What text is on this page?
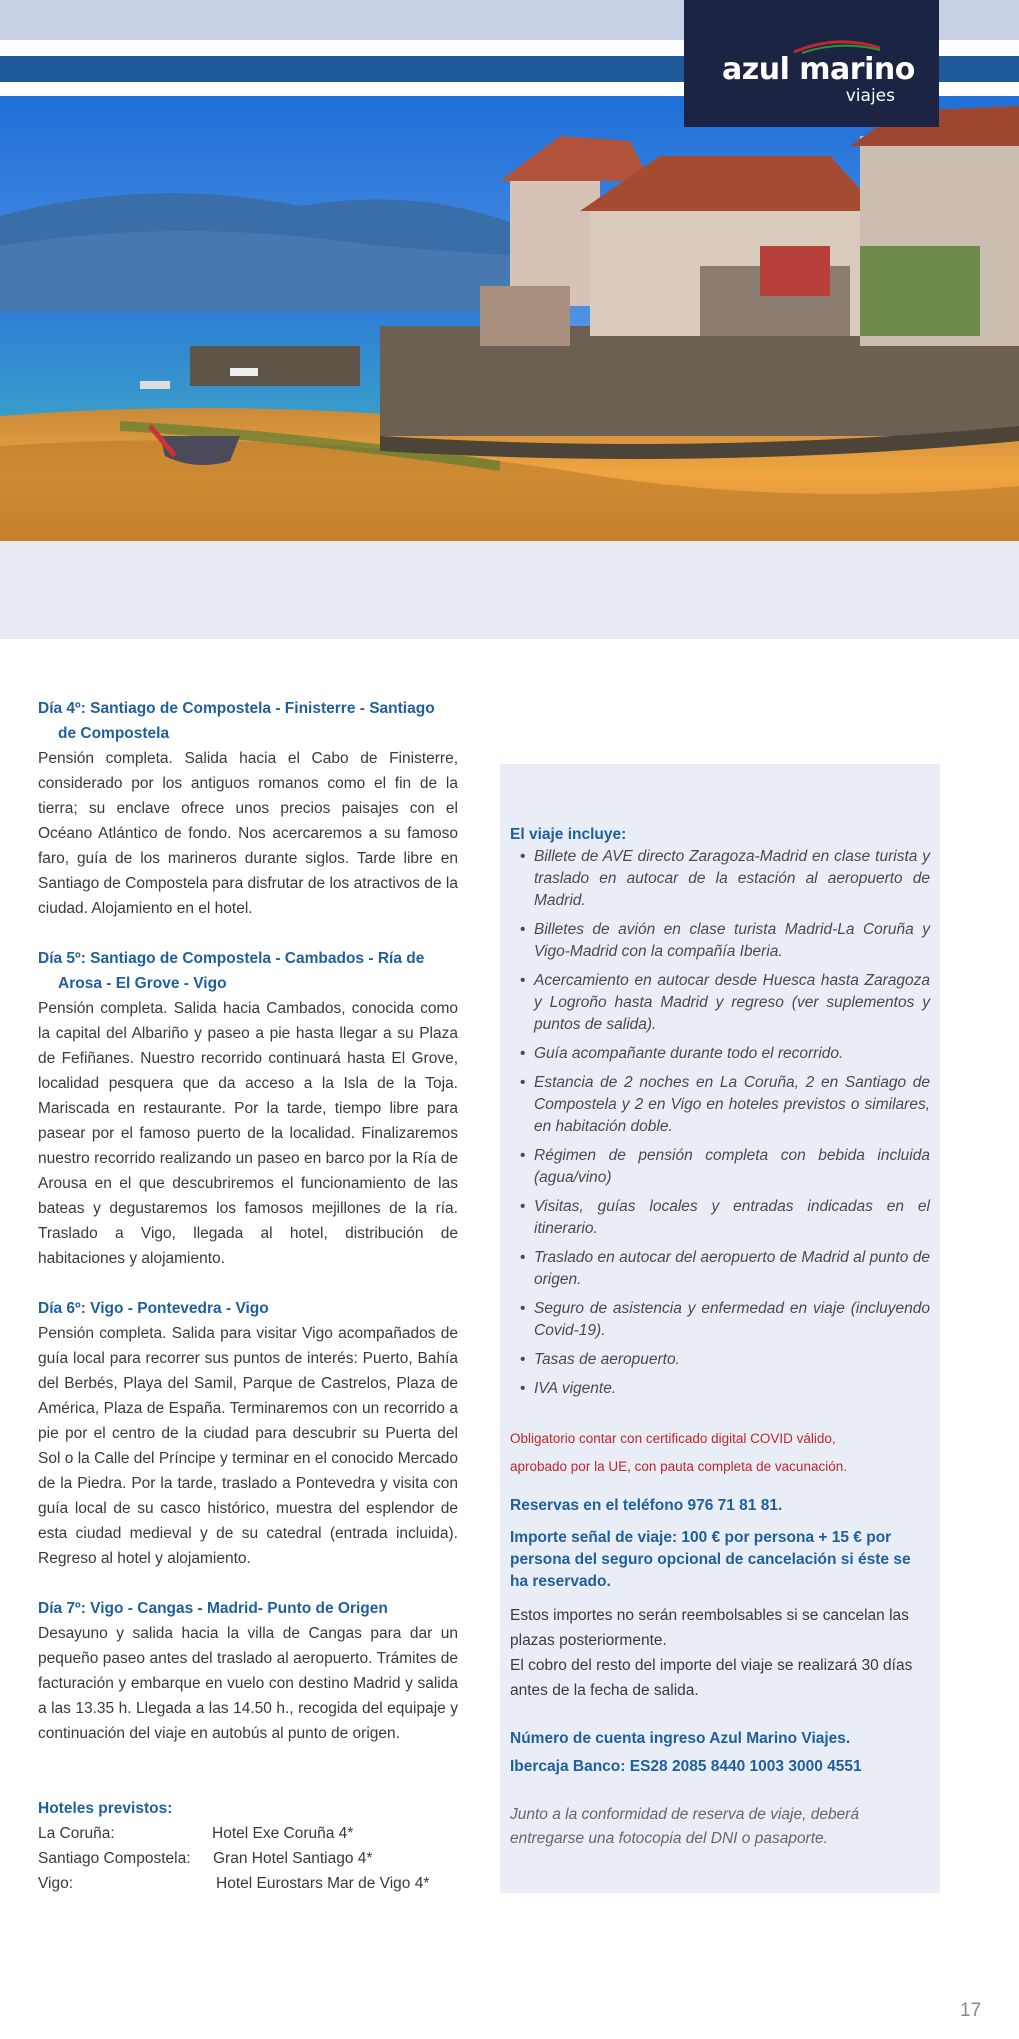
azul marino
viajes

Día 4º: Santiago de Compostela - Finisterre - Santiago
de Compostela

Pensión completa. Salida hacia el Cabo de Finisterre, considerado por los antiguos romanos como el fin de la tierra; su enclave ofrece unos precios paisajes con el Océano Atlántico de fondo. Nos acercaremos a su famoso faro, guía de los marineros durante siglos. Tarde libre en Santiago de Compostela para disfrutar de los atractivos de la ciudad. Alojamiento en el hotel.

Día 5º: Santiago de Compostela - Cambados - Ría de
Arosa - El Grove - Vigo

Pensión completa. Salida hacia Cambados, conocida como la capital del Albariño y paseo a pie hasta llegar a su Plaza de Fefiñanes. Nuestro recorrido continuará hasta El Grove, localidad pesquera que da acceso a la Isla de la Toja. Mariscada en restaurante. Por la tarde, tiempo libre para pasear por el famoso puerto de la localidad. Finalizaremos nuestro recorrido realizando un paseo en barco por la Ría de Arousa en el que descubriremos el funcionamiento de las bateas y degustaremos los famosos mejillones de la ría. Traslado a Vigo, llegada al hotel, distribución de habitaciones y alojamiento.

Día 6º: Vigo - Pontevedra - Vigo

Pensión completa. Salida para visitar Vigo acompañados de guía local para recorrer sus puntos de interés: Puerto, Bahía del Berbés, Playa del Samil, Parque de Castrelos, Plaza de América, Plaza de España. Terminaremos con un recorrido a pie por el centro de la ciudad para descubrir su Puerta del Sol o la Calle del Príncipe y terminar en el conocido Mercado de la Piedra. Por la tarde, traslado a Pontevedra y visita con guía local de su casco histórico, muestra del esplendor de esta ciudad medieval y de su catedral (entrada incluida). Regreso al hotel y alojamiento.

Día 7º: Vigo - Cangas - Madrid- Punto de Origen

Desayuno y salida hacia la villa de Cangas para dar un pequeño paseo antes del traslado al aeropuerto. Trámites de facturación y embarque en vuelo con destino Madrid y salida a las 13.35 h. Llegada a las 14.50 h., recogida del equipaje y continuación del viaje en autobús al punto de origen.

Hoteles previstos:

La Coruña:	Hotel Exe Coruña 4*
Santiago Compostela: Gran Hotel Santiago 4*
Vigo:	Hotel Eurostars Mar de Vigo 4*

El viaje incluye:

• Billete de AVE directo Zaragoza-Madrid en clase turista y traslado en autocar de la estación al aeropuerto de Madrid.
• Billetes de avión en clase turista Madrid-La Coruña y Vigo-Madrid con la compañía Iberia.
• Acercamiento en autocar desde Huesca hasta Zaragoza y Logroño hasta Madrid y regreso (ver suplementos y puntos de salida).
• Guía acompañante durante todo el recorrido.
• Estancia de 2 noches en La Coruña, 2 en Santiago de Compostela y 2 en Vigo en hoteles previstos o similares, en habitación doble.
• Régimen de pensión completa con bebida incluida (agua/vino)
• Visitas, guías locales y entradas indicadas en el itinerario.
• Traslado en autocar del aeropuerto de Madrid al punto de origen.
• Seguro de asistencia y enfermedad en viaje (incluyendo Covid-19).
• Tasas de aeropuerto.
• IVA vigente.

Obligatorio contar con certificado digital COVID válido,

aprobado por la UE, con pauta completa de vacunación.

Reservas en el teléfono 976 71 81 81.

Importe señal de viaje: 100 € por persona + 15 € por persona del seguro opcional de cancelación si éste se ha reservado.

Estos importes no serán reembolsables si se cancelan las plazas posteriormente.

El cobro del resto del importe del viaje se realizará 30 días antes de la fecha de salida.

Número de cuenta ingreso Azul Marino Viajes.

Ibercaja Banco: ES28 2085 8440 1003 3000 4551

Junto a la conformidad de reserva de viaje, deberá entregarse una fotocopia del DNI o pasaporte.

17
